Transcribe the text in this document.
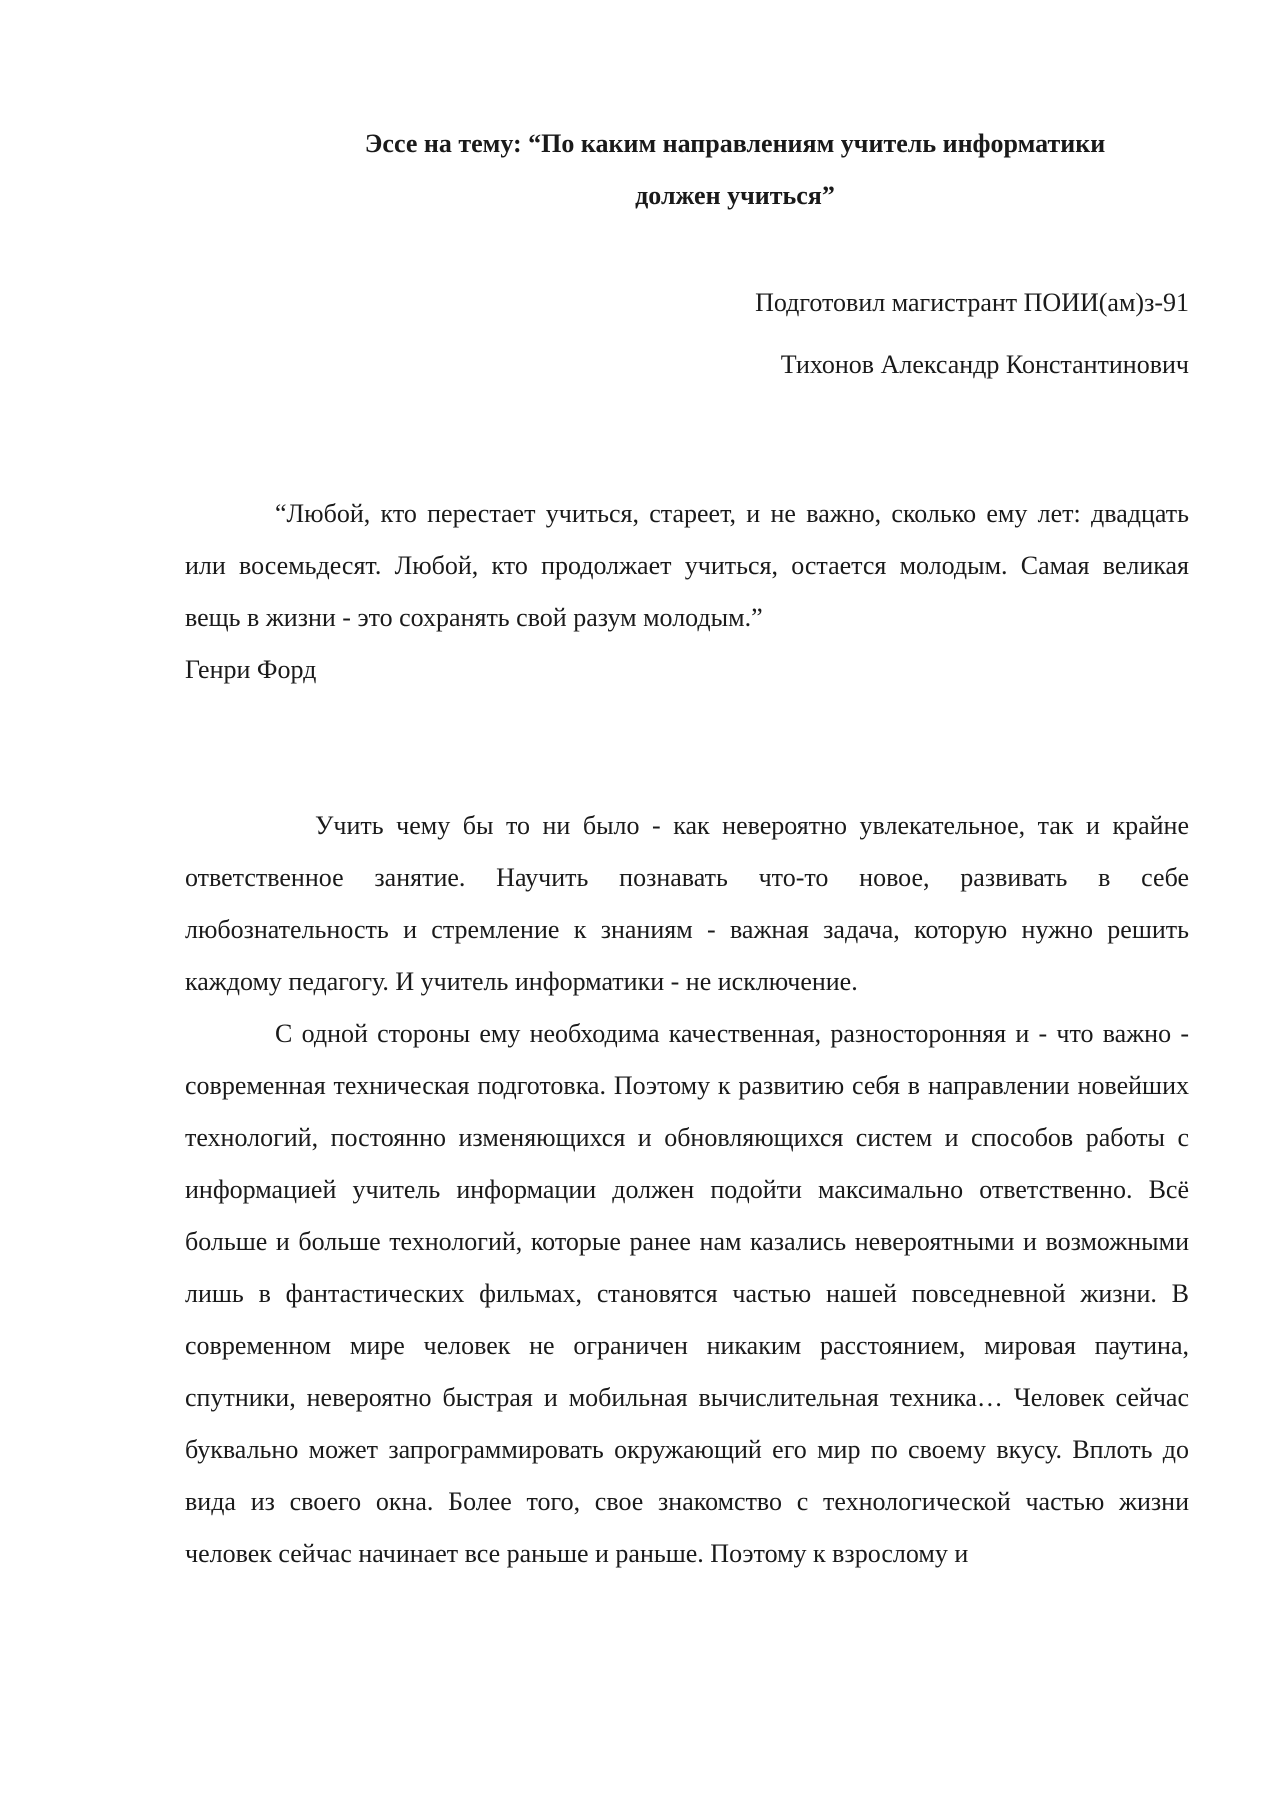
Эссе на тему: “По каким направлениям учитель информатики
должен учиться”
Подготовил магистрант ПОИИ(ам)з-91
Тихонов Александр Константинович

“Любой, кто перестает учиться, стареет, и не важно, сколько ему лет: двадцать или восемьдесят. Любой, кто продолжает учиться, остается молодым. Самая великая вещь в жизни - это сохранять свой разум молодым.”

Генри Форд

Учить чему бы то ни было - как невероятно увлекательное, так и крайне ответственное занятие. Научить познавать что-то новое, развивать в себе любознательность и стремление к знаниям - важная задача, которую нужно решить каждому педагогу. И учитель информатики - не исключение.

С одной стороны ему необходима качественная, разносторонняя и - что важно - современная техническая подготовка. Поэтому к развитию себя в направлении новейших технологий, постоянно изменяющихся и обновляющихся систем и способов работы с информацией учитель информации должен подойти максимально ответственно. Всё больше и больше технологий, которые ранее нам казались невероятными и возможными лишь в фантастических фильмах, становятся частью нашей повседневной жизни. В современном мире человек не ограничен никаким расстоянием, мировая паутина, спутники, невероятно быстрая и мобильная вычислительная техника… Человек сейчас буквально может запрограммировать окружающий его мир по своему вкусу. Вплоть до вида из своего окна. Более того, свое знакомство с технологической частью жизни человек сейчас начинает все раньше и раньше. Поэтому к взрослому и
